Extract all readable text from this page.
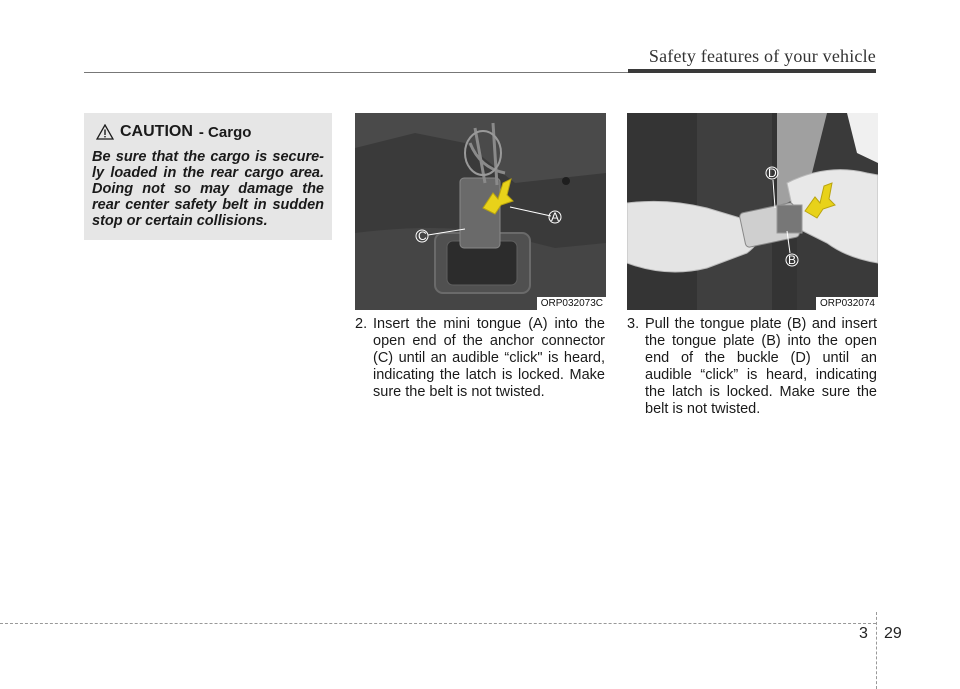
Safety features of your vehicle
CAUTION - Cargo
Be sure that the cargo is secure-ly loaded in the rear cargo area. Doing not so may damage the rear center safety belt in sudden stop or certain collisions.	A
C
ORP032073C
D
B
ORP032074
2. Insert the mini tongue (A) into the open end of the anchor connector (C) until an audible “click" is heard, indicating the latch is locked. Make sure the belt is not twisted.
3. Pull the tongue plate (B) and insert the tongue plate (B) into the open end of the buckle (D) until an audible “click” is heard, indicating the latch is locked. Make sure the belt is not twisted.
3 29
